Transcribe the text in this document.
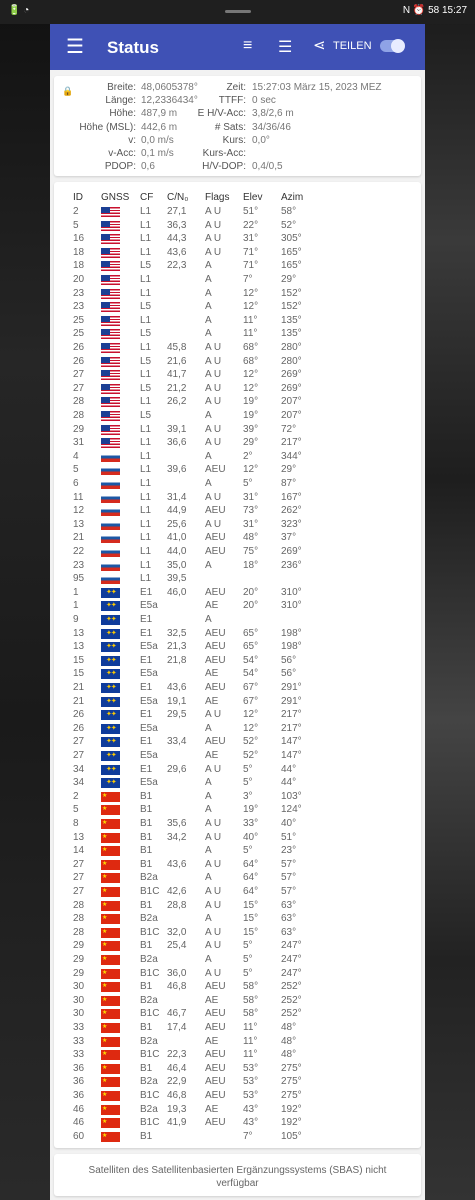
🔋 ◔	N ⏰ 58 15:27
☰ Status	≡ ☰ ⋖ TEILEN
🔒	Breite: 48,0605378°
Länge: 12,2336434°
Höhe: 487,9 m
Höhe (MSL): 442,6 m
v: 0,0 m/s
v-Acc: 0,1 m/s
PDOP: 0,6
Zeit: 15:27:03 März 15, 2023 MEZ
TTFF: 0 sec
E H/V-Acc: 3,8/2,6 m
# Sats: 34/36/46
Kurs: 0,0°
Kurs-Acc:
H/V-DOP: 0,4/0,5
ID GNSS CF C/N₀ Flags Elev Azim
2	L1 27,1 A U 51° 58°
5	L1 36,3 A U 22° 52°
16	L1 44,3 A U 31° 305°
18	L1 43,6 A U 71° 165°
18	L5 22,3 A	71° 165°
20	L1	A	7°	29°
23	L1	A	12° 152°
23	L5	A	12° 152°
25	L1	A	11° 135°
25	L5	A	11° 135°
26	L1 45,8 A U 68° 280°
26	L5 21,6 A U 68° 280°
27	L1 41,7 A U 12° 269°
27	L5 21,2 A U 12° 269°
28	L1 26,2 A U 19° 207°
28	L5	A	19° 207°
29	L1 39,1 A U 39° 72°
31	L1 36,6 A U 29° 217°
4	L1	A	2°	344°
5	L1 39,6 AEU 12° 29°
6	L1	A	5°	87°
11	L1 31,4 A U 31° 167°
12	L1 44,9 AEU 73° 262°
13	L1 25,6 A U 31° 323°
21	L1 41,0 AEU 48° 37°
22	L1 44,0 AEU 75° 269°
23	L1 35,0 A	18° 236°
95	L1 39,5
1	E1 46,0 AEU 20° 310°
✦✦
1	E5a	AE 20° 310°
✦✦
9	E1	A
✦✦
13	E1 32,5 AEU 65° 198°
✦✦
13	E5a 21,3 AEU 65° 198°
✦✦
15	E1 21,8 AEU 54° 56°
✦✦
15	E5a	AE 54° 56°
✦✦
21	E1 43,6 AEU 67° 291°
✦✦
21	E5a 19,1 AE 67° 291°
✦✦
26	E1 29,5 A U 12° 217°
✦✦
26	E5a	A	12° 217°
✦✦
27	E1 33,4 AEU 52° 147°
✦✦
27	E5a	AE 52° 147°
✦✦
34	E1 29,6 A U 5°	44°
✦✦
34	E5a	A	5°	44°
✦✦
2	B1	A	3°	103°
★
5	B1	A	19° 124°
★
8	B1 35,6 A U 33° 40°
★
13	B1 34,2 A U 40° 51°
★
14	B1	A	5°	23°
★
27	B1 43,6 A U 64° 57°
★
27	B2a	A	64° 57°
★
27	B1C 42,6 A U 64° 57°
★
28	B1 28,8 A U 15° 63°
★
28	B2a	A	15° 63°
★
28	B1C 32,0 A U 15° 63°
★
29	B1 25,4 A U 5°	247°
★
29	B2a	A	5°	247°
★
29	B1C 36,0 A U 5°	247°
★
30	B1 46,8 AEU 58° 252°
★
30	B2a	AE 58° 252°
★
30	B1C 46,7 AEU 58° 252°
★
33	B1 17,4 AEU 11° 48°
★
33	B2a	AE 11° 48°
★
33	B1C 22,3 AEU 11° 48°
★
36	B1 46,4 AEU 53° 275°
★
36	B2a 22,9 AEU 53° 275°
★
36	B1C 46,8 AEU 53° 275°
★
46	B2a 19,3 AE 43° 192°
★
46	B1C 41,9 AEU 43° 192°
★
60	B1	7°	105°
★
Satelliten des Satellitenbasierten Ergänzungssystems (SBAS) nicht verfügbar
